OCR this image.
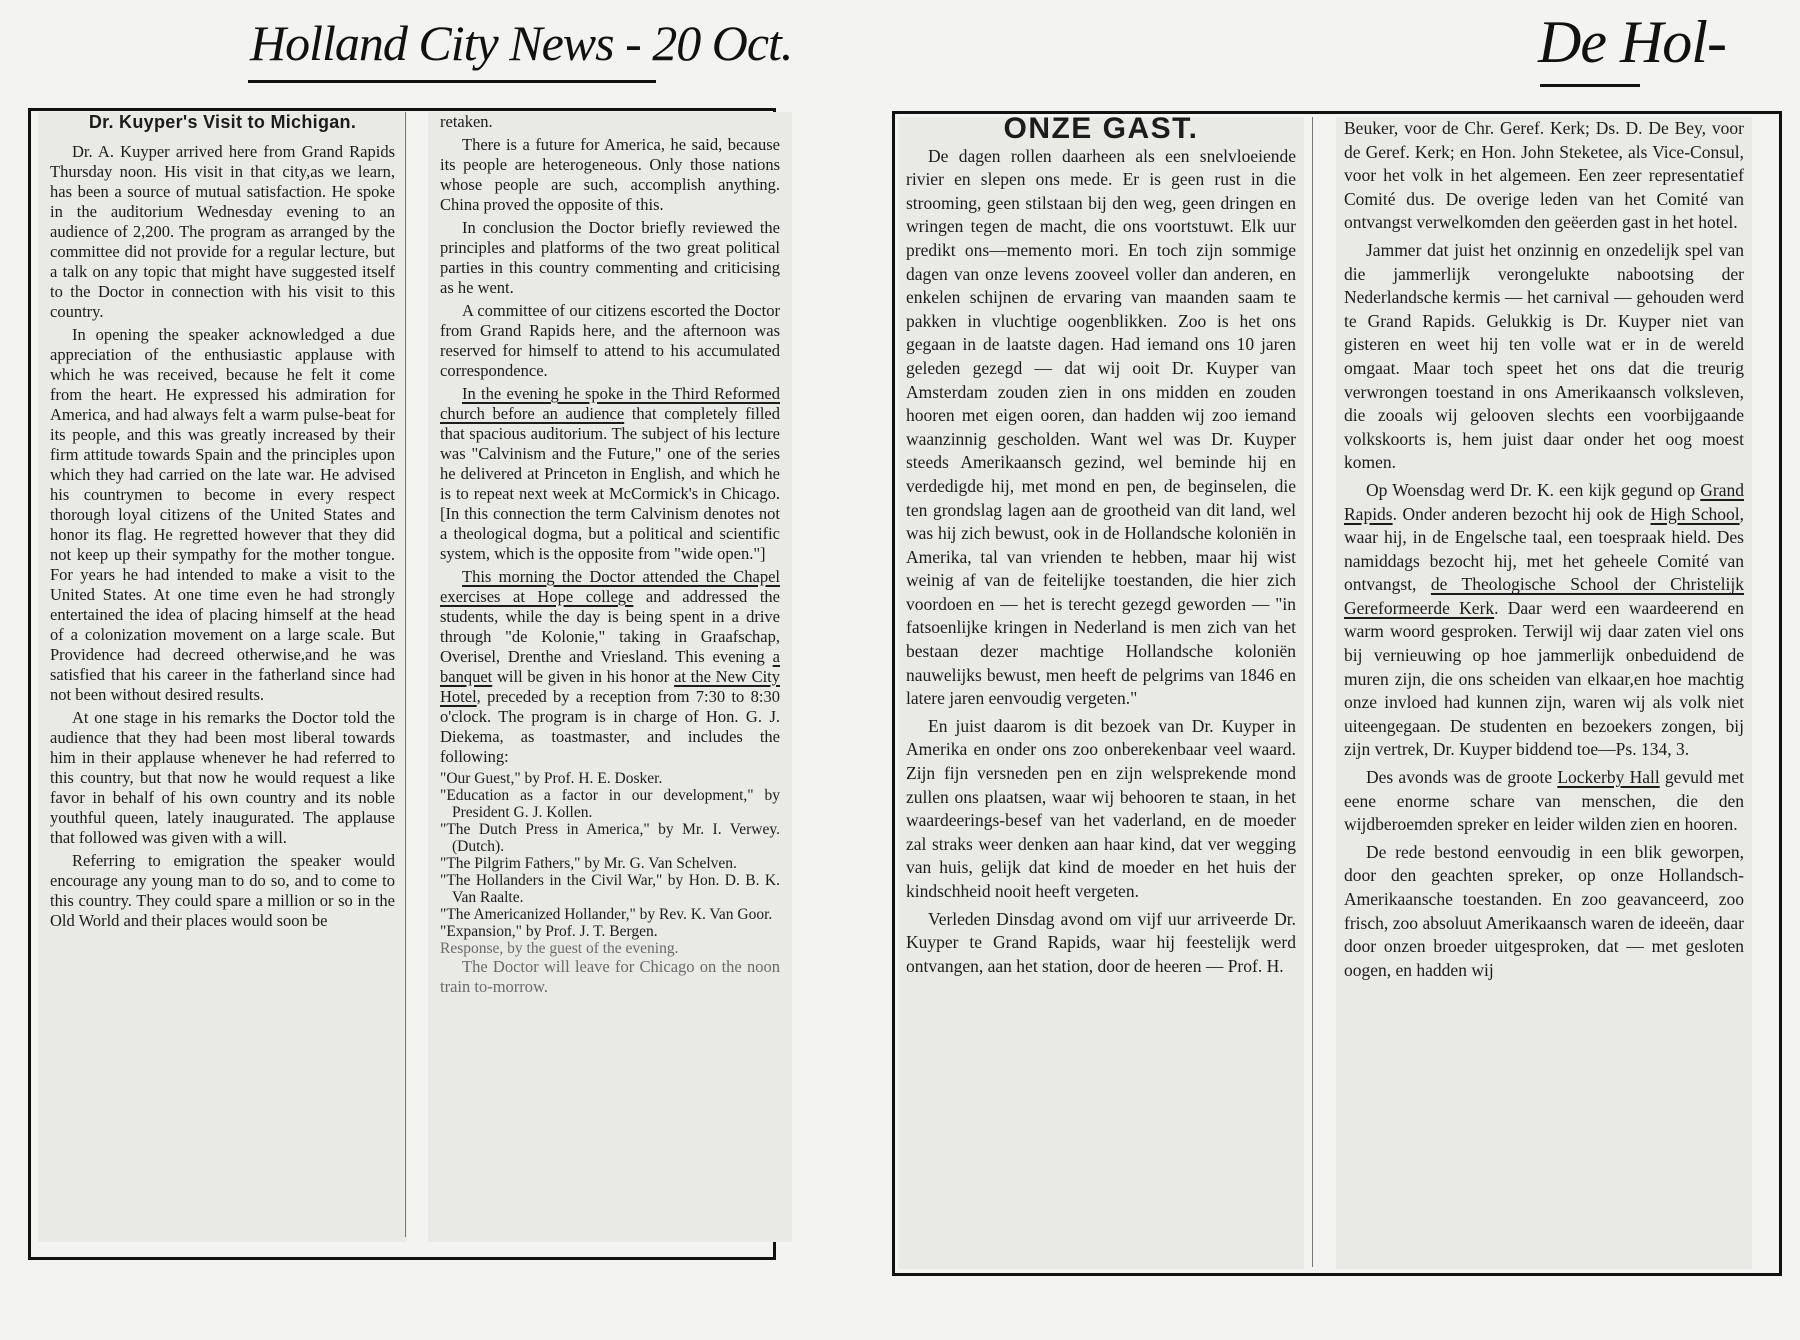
Holland City News - 20 Oct.	De Hol-
Dr. Kuyper's Visit to Michigan.

Dr. A. Kuyper arrived here from Grand Rapids Thursday noon. His visit in that city,as we learn, has been a source of mutual satisfaction. He spoke in the auditorium Wednesday evening to an audience of 2,200. The program as arranged by the committee did not provide for a regular lecture, but a talk on any topic that might have suggested itself to the Doctor in connection with his visit to this country.

In opening the speaker acknowledged a due appreciation of the enthusiastic applause with which he was received, because he felt it come from the heart. He expressed his admiration for America, and had always felt a warm pulse-beat for its people, and this was greatly increased by their firm attitude towards Spain and the principles upon which they had carried on the late war. He advised his countrymen to become in every respect thorough loyal citizens of the United States and honor its flag. He regretted however that they did not keep up their sympathy for the mother tongue. For years he had intended to make a visit to the United States. At one time even he had strongly entertained the idea of placing himself at the head of a colonization movement on a large scale. But Providence had decreed otherwise,and he was satisfied that his career in the fatherland since had not been without desired results.

At one stage in his remarks the Doctor told the audience that they had been most liberal towards him in their applause whenever he had referred to this country, but that now he would request a like favor in behalf of his own country and its noble youthful queen, lately inaugurated. The applause that followed was given with a will.

Referring to emigration the speaker would encourage any young man to do so, and to come to this country. They could spare a million or so in the Old World and their places would soon be

retaken.

There is a future for America, he said, because its people are heterogeneous. Only those nations whose people are such, accomplish anything. China proved the opposite of this.

In conclusion the Doctor briefly reviewed the principles and platforms of the two great political parties in this country commenting and criticising as he went.

A committee of our citizens escorted the Doctor from Grand Rapids here, and the afternoon was reserved for himself to attend to his accumulated correspondence.

In the evening he spoke in the Third Reformed church before an audience that completely filled that spacious auditorium. The subject of his lecture was "Calvinism and the Future," one of the series he delivered at Princeton in English, and which he is to repeat next week at McCormick's in Chicago. [In this connection the term Calvinism denotes not a theological dogma, but a political and scientific system, which is the opposite from "wide open."]

This morning the Doctor attended the Chapel exercises at Hope college and addressed the students, while the day is being spent in a drive through "de Kolonie," taking in Graafschap, Overisel, Drenthe and Vriesland. This evening a banquet will be given in his honor at the New City Hotel, preceded by a reception from 7:30 to 8:30 o'clock. The program is in charge of Hon. G. J. Diekema, as toastmaster, and includes the following:

"Our Guest," by Prof. H. E. Dosker.

"Education as a factor in our development," by President G. J. Kollen.

"The Dutch Press in America," by Mr. I. Verwey. (Dutch).

"The Pilgrim Fathers," by Mr. G. Van Schelven.

"The Hollanders in the Civil War," by Hon. D. B. K. Van Raalte.

"The Americanized Hollander," by Rev. K. Van Goor.

"Expansion," by Prof. J. T. Bergen.

Response, by the guest of the evening.

The Doctor will leave for Chicago on the noon train to-morrow.

ONZE GAST.

De dagen rollen daarheen als een snelvloeiende rivier en slepen ons mede. Er is geen rust in die strooming, geen stilstaan bij den weg, geen dringen en wringen tegen de macht, die ons voortstuwt. Elk uur predikt ons—memento mori. En toch zijn sommige dagen van onze levens zooveel voller dan anderen, en enkelen schijnen de ervaring van maanden saam te pakken in vluchtige oogenblikken. Zoo is het ons gegaan in de laatste dagen. Had iemand ons 10 jaren geleden gezegd — dat wij ooit Dr. Kuyper van Amsterdam zouden zien in ons midden en zouden hooren met eigen ooren, dan hadden wij zoo iemand waanzinnig gescholden. Want wel was Dr. Kuyper steeds Amerikaansch gezind, wel beminde hij en verdedigde hij, met mond en pen, de beginselen, die ten grondslag lagen aan de grootheid van dit land, wel was hij zich bewust, ook in de Hollandsche koloniën in Amerika, tal van vrienden te hebben, maar hij wist weinig af van de feitelijke toestanden, die hier zich voordoen en — het is terecht gezegd geworden — "in fatsoenlijke kringen in Nederland is men zich van het bestaan dezer machtige Hollandsche koloniën nauwelijks bewust, men heeft de pelgrims van 1846 en latere jaren eenvoudig vergeten."

En juist daarom is dit bezoek van Dr. Kuyper in Amerika en onder ons zoo onberekenbaar veel waard. Zijn fijn versneden pen en zijn welsprekende mond zullen ons plaatsen, waar wij behooren te staan, in het waardeerings-besef van het vaderland, en de moeder zal straks weer denken aan haar kind, dat ver wegging van huis, gelijk dat kind de moeder en het huis der kindschheid nooit heeft vergeten.

Verleden Dinsdag avond om vijf uur arriveerde Dr. Kuyper te Grand Rapids, waar hij feestelijk werd ontvangen, aan het station, door de heeren — Prof. H.

Beuker, voor de Chr. Geref. Kerk; Ds. D. De Bey, voor de Geref. Kerk; en Hon. John Steketee, als Vice-Consul, voor het volk in het algemeen. Een zeer representatief Comité dus. De overige leden van het Comité van ontvangst verwelkomden den geëerden gast in het hotel.

Jammer dat juist het onzinnig en onzedelijk spel van die jammerlijk verongelukte nabootsing der Nederlandsche kermis — het carnival — gehouden werd te Grand Rapids. Gelukkig is Dr. Kuyper niet van gisteren en weet hij ten volle wat er in de wereld omgaat. Maar toch speet het ons dat die treurig verwrongen toestand in ons Amerikaansch volksleven, die zooals wij gelooven slechts een voorbijgaande volkskoorts is, hem juist daar onder het oog moest komen.

Op Woensdag werd Dr. K. een kijk gegund op Grand Rapids. Onder anderen bezocht hij ook de High School, waar hij, in de Engelsche taal, een toespraak hield. Des namiddags bezocht hij, met het geheele Comité van ontvangst, de Theologische School der Christelijk Gereformeerde Kerk. Daar werd een waardeerend en warm woord gesproken. Terwijl wij daar zaten viel ons bij vernieuwing op hoe jammerlijk onbeduidend de muren zijn, die ons scheiden van elkaar,en hoe machtig onze invloed had kunnen zijn, waren wij als volk niet uiteengegaan. De studenten en bezoekers zongen, bij zijn vertrek, Dr. Kuyper biddend toe—Ps. 134, 3.

Des avonds was de groote Lockerby Hall gevuld met eene enorme schare van menschen, die den wijdberoemden spreker en leider wilden zien en hooren.

De rede bestond eenvoudig in een blik geworpen, door den geachten spreker, op onze Hollandsch-Amerikaansche toestanden. En zoo geavanceerd, zoo frisch, zoo absoluut Amerikaansch waren de ideeën, daar door onzen broeder uitgesproken, dat — met gesloten oogen, en hadden wij
